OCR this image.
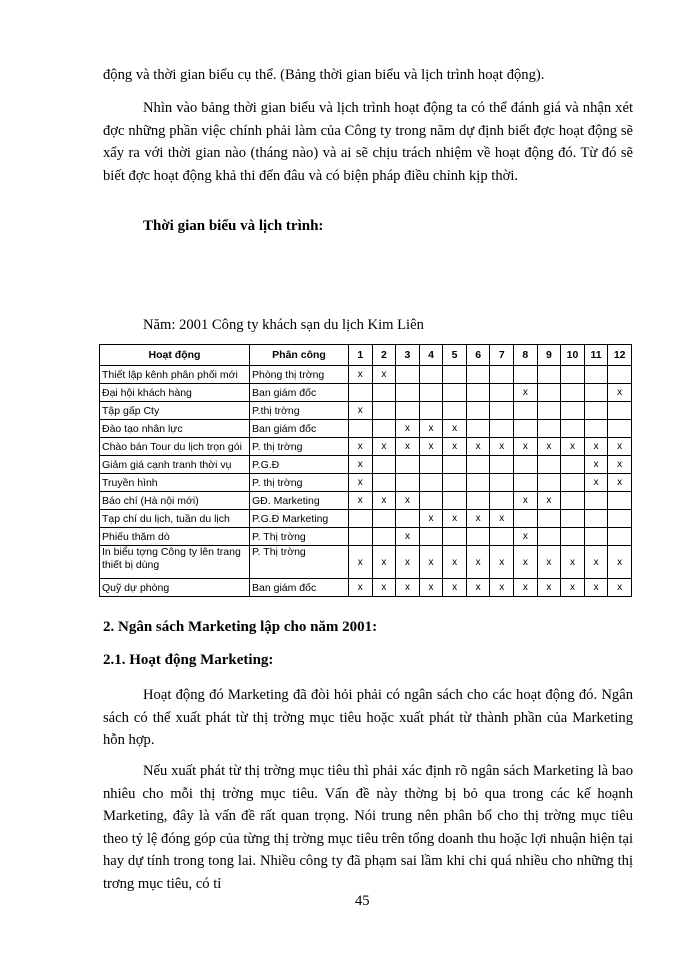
động và thời gian biểu cụ thể. (Bảng thời gian biểu và lịch trình hoạt động).

Nhìn vào bảng thời gian biểu và lịch trình hoạt động ta có thể đánh giá và nhận xét đợc những phần việc chính phải làm của Công ty trong năm dự định biết đợc hoạt động sẽ xẩy ra với thời gian nào (tháng nào) và ai sẽ chịu trách nhiệm về hoạt động đó. Từ đó sẽ biết đợc hoạt động khả thi đến đâu và có biện pháp điều chỉnh kịp thời.

Thời gian biểu và lịch trình:

Năm: 2001 Công ty khách sạn du lịch Kim Liên

Hoạt động	Phân công	1	2	3	4	5	6	7	8	9	10	11	12
Thiết lập kênh phân phối mới	Phòng thị trờng	x	x										
Đại hội khách hàng	Ban giám đốc								x				x
Tập gấp Cty	P.thị trờng	x											
Đào tạo nhân lực	Ban giám đốc			x	x	x							
Chào bán Tour du lịch trọn gói	P. thị trờng	x	x	x	x	x	x	x	x	x	x	x	x
Giảm giá cạnh tranh thời vụ	P.G.Đ	x										x	x
Truyền hình	P. thị trờng	x										x	x
Báo chí (Hà nội mới)	GĐ. Marketing	x	x	x					x	x			
Tạp chí du lịch, tuần du lịch	P.G.Đ Marketing				x	x	x	x					
Phiếu thăm dò	P. Thị trờng			x					x				
In biểu tợng Công ty lên trang thiết bị dùng	P. Thị trờng	x	x	x	x	x	x	x	x	x	x	x	x
Quỹ dự phòng	Ban giám đốc	x	x	x	x	x	x	x	x	x	x	x	x

2. Ngân sách Marketing lập cho năm 2001:

2.1. Hoạt động Marketing:

Hoạt động đó Marketing đã đòi hỏi phải có ngân sách cho các hoạt động đó. Ngân sách có thể xuất phát từ thị trờng mục tiêu hoặc xuất phát từ thành phần của Marketing hỗn hợp.

Nếu xuất phát từ thị trờng mục tiêu thì phải xác định rõ ngân sách Marketing là bao nhiêu cho mỗi thị trờng mục tiêu. Vấn đề này thờng bị bỏ qua trong các kế hoạnh Marketing, đây là vấn đề rất quan trọng. Nói trung nên phân bổ cho thị trờng mục tiêu theo tỷ lệ đóng góp của từng thị trờng mục tiêu trên tổng doanh thu hoặc lợi nhuận hiện tại hay dự tính trong tong lai. Nhiều công ty đã phạm sai lầm khi chi quá nhiều cho những thị trơng mục tiêu, có tỉ

45
